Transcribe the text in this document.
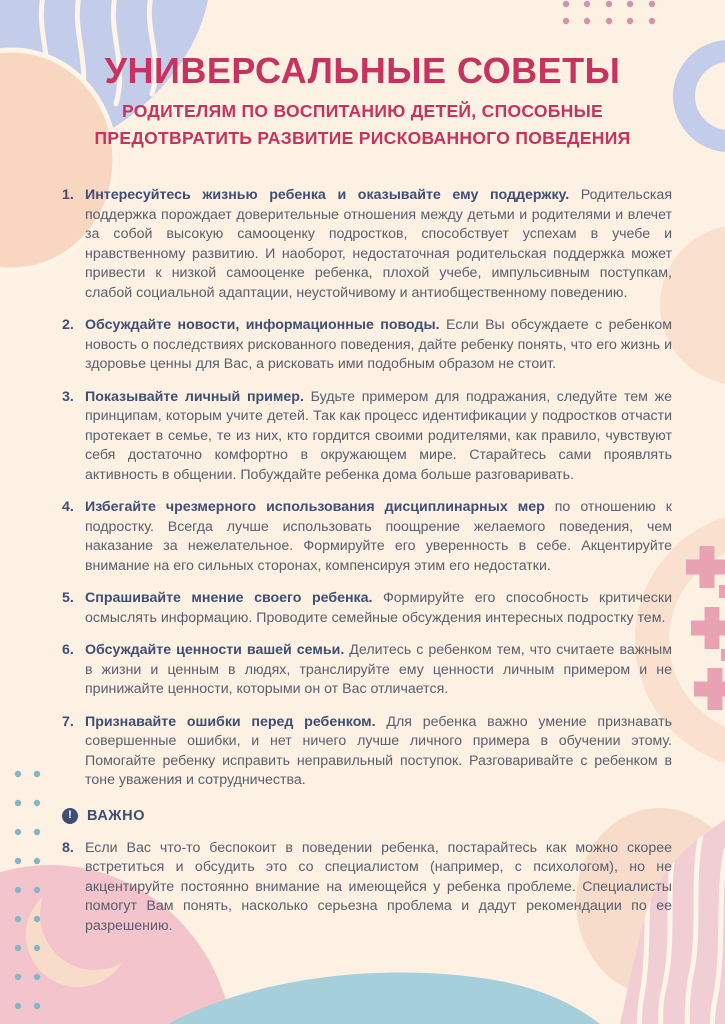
УНИВЕРСАЛЬНЫЕ СОВЕТЫ
РОДИТЕЛЯМ ПО ВОСПИТАНИЮ ДЕТЕЙ, СПОСОБНЫЕ
ПРЕДОТВРАТИТЬ РАЗВИТИЕ РИСКОВАННОГО ПОВЕДЕНИЯ
1. Интересуйтесь жизнью ребенка и оказывайте ему поддержку. Родительская поддержка порождает доверительные отношения между детьми и родителями и влечет за собой высокую самооценку подростков, способствует успехам в учебе и нравственному развитию. И наоборот, недостаточная родительская поддержка может привести к низкой самооценке ребенка, плохой учебе, импульсивным поступкам, слабой социальной адаптации, неустойчивому и антиобщественному поведению.

2. Обсуждайте новости, информационные поводы. Если Вы обсуждаете с ребенком новость о последствиях рискованного поведения, дайте ребенку понять, что его жизнь и здоровье ценны для Вас, а рисковать ими подобным образом не стоит.

3. Показывайте личный пример. Будьте примером для подражания, следуйте тем же принципам, которым учите детей. Так как процесс идентификации у подростков отчасти протекает в семье, те из них, кто гордится своими родителями, как правило, чувствуют себя достаточно комфортно в окружающем мире. Старайтесь сами проявлять активность в общении. Побуждайте ребенка дома больше разговаривать.

4. Избегайте чрезмерного использования дисциплинарных мер по отношению к подростку. Всегда лучше использовать поощрение желаемого поведения, чем наказание за нежелательное. Формируйте его уверенность в себе. Акцентируйте внимание на его сильных сторонах, компенсируя этим его недостатки.

5. Спрашивайте мнение своего ребенка. Формируйте его способность критически осмыслять информацию. Проводите семейные обсуждения интересных подростку тем.

6. Обсуждайте ценности вашей семьи. Делитесь с ребенком тем, что считаете важным в жизни и ценным в людях, транслируйте ему ценности личным примером и не принижайте ценности, которыми он от Вас отличается.

7. Признавайте ошибки перед ребенком. Для ребенка важно умение признавать совершенные ошибки, и нет ничего лучше личного примера в обучении этому. Помогайте ребенку исправить неправильный поступок. Разговаривайте с ребенком в тоне уважения и сотрудничества.

!	ВАЖНО
8. Если Вас что-то беспокоит в поведении ребенка, постарайтесь как можно скорее встретиться и обсудить это со специалистом (например, с психологом), но не акцентируйте постоянно внимание на имеющейся у ребенка проблеме. Специалисты помогут Вам понять, насколько серьезна проблема и дадут рекомендации по ее разрешению.
